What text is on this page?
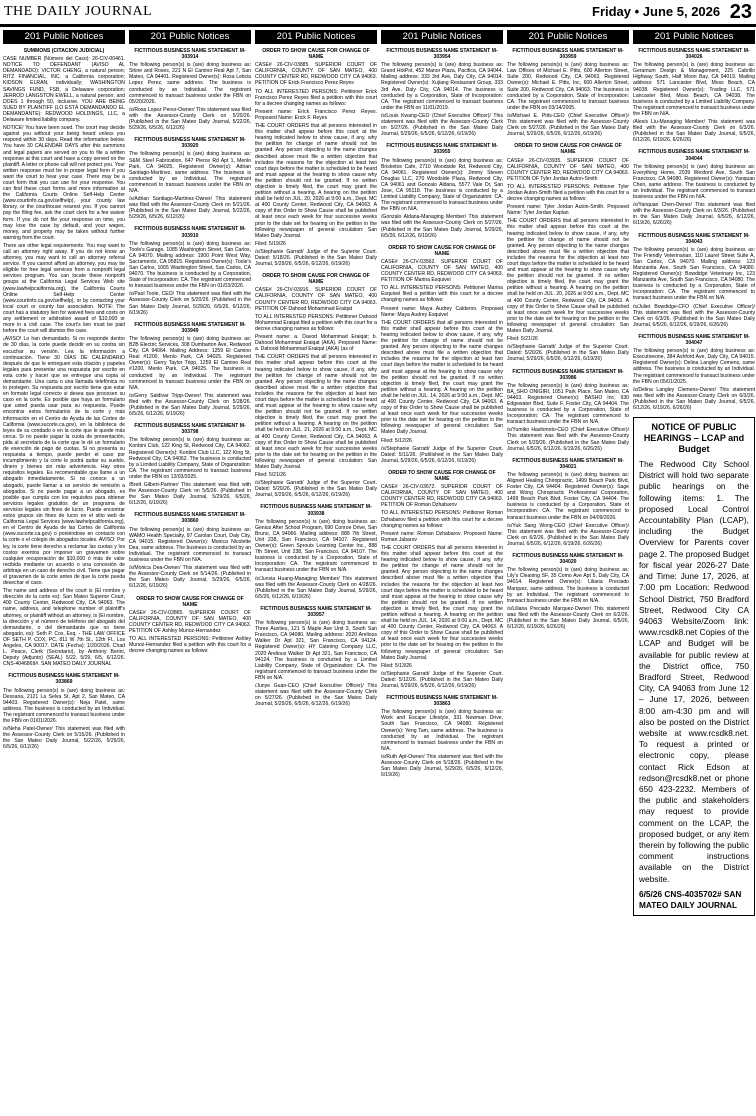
THE DAILY JOURNAL	Friday • June 5, 2026 23
201 Public Notices
SUMMONS (CITACION JUDICIAL)
CASE NUMBER (Número del Caso): 26-CIV-00461. NOTICE TO DEFENDANT (AVISO AL DEMANDADO): VICTOR CHENG, a natural person; RITZ FINANCIAL, INC. a California corporation; KIDSON ELRAN, individually; WASHINGTON SAVINGS FUND, FSB, a Delaware corporation; JERROD LANGSTON EWELL, a natural person; and DOES 1 through 50, inclusive. YOU ARE BEING SUED BY PLAINTIFF (LO ESTÁ DEMANDANDO EL DEMANDANTE): REDWOOD HOLDINGS, LLC, a Delaware limited liability company.
NOTICE! You have been sued. The court may decide against you without your being heard unless you respond within 30 days. Read the information below. You have 30 CALENDAR DAYS after this summons and legal papers are served on you to file a written response at this court and have a copy served on the plaintiff. A letter or phone call will not protect you. Your written response must be in proper legal form if you want the court to hear your case. There may be a court form that you can use for your response. You can find these court forms and more information at the California Courts Online Self-Help Center (www.courtinfo.ca.gov/selfhelp), your county law library, or the courthouse nearest you. If you cannot pay the filing fee, ask the court clerk for a fee waiver form. If you do not file your response on time, you may lose the case by default, and your wages, money, and property may be taken without further warning from the court.
There are other legal requirements. You may want to call an attorney right away. If you do not know an attorney, you may want to call an attorney referral service. If you cannot afford an attorney, you may be eligible for free legal services from a nonprofit legal services program. You can locate these nonprofit groups at the California Legal Services Web site (www.lawhelpcalifornia.org), the California Courts Online Self-Help Center (www.courtinfo.ca.gov/selfhelp), or by contacting your local court or county bar association. NOTE: The court has a statutory lien for waived fees and costs on any settlement or arbitration award of $10,000 or more in a civil case. The court's lien must be paid before the court will dismiss the case.
¡AVISO! Lo han demandado. Si no responde dentro de 30 días, la corte puede decidir en su contra sin escuchar su versión. Lea la información a continuación. Tiene 30 DÍAS DE CALENDARIO después de que le entreguen esta citación y papeles legales para presentar una respuesta por escrito en esta corte y hacer que se entregue una copia al demandante. Una carta o una llamada telefónica no lo protegen. Su respuesta por escrito tiene que estar en formato legal correcto si desea que procesen su caso en la corte. Es posible que haya un formulario que usted pueda usar para su respuesta. Puede encontrar estos formularios de la corte y más información en el Centro de Ayuda de las Cortes de California (www.sucorte.ca.gov), en la biblioteca de leyes de su condado o en la corte que le quede más cerca. Si no puede pagar la cuota de presentación, pida al secretario de la corte que le dé un formulario de exención de pago de cuotas. Si no presenta su respuesta a tiempo, puede perder el caso por incumplimiento y la corte le podrá quitar su sueldo, dinero y bienes sin más advertencia. Hay otros requisitos legales. Es recomendable que llame a un abogado inmediatamente. Si no conoce a un abogado, puede llamar a un servicio de remisión a abogados. Si no puede pagar a un abogado, es posible que cumpla con los requisitos para obtener servicios legales gratuitos de un programa de servicios legales sin fines de lucro. Puede encontrar estos grupos sin fines de lucro en el sitio web de California Legal Services (www.lawhelpcalifornia.org), en el Centro de Ayuda de las Cortes de California (www.sucorte.ca.gov) o poniéndose en contacto con la corte o el colegio de abogados locales. AVISO: Por ley, la corte tiene derecho a reclamar las cuotas y los costos exentos por imponer un gravamen sobre cualquier recuperación de $10,000 ó más de valor recibida mediante un acuerdo o una concesión de arbitraje en un caso de derecho civil. Tiene que pagar el gravamen de la corte antes de que la corte pueda desechar el caso.
The name and address of the court is (El nombre y dirección de la corte es): San Mateo Superior Court, 400 County Center, Redwood City, CA 94063. The name, address, and telephone number of plaintiff's attorney, or plaintiff without an attorney, is (El nombre, la dirección y el número de teléfono del abogado del demandante, o del demandante que no tiene abogado, es): Seth P. Cox, Esq. - THE LAW OFFICE OF SETH P. COX, PC, 811 W 7th St., 12th Fl., Los Angeles, CA 90017. DATE (Fecha): 1/20/2026. Chad L. Peace, Clerk (Secretario), by Anthony Berini, Deputy (Adjunto) (SEAL) 5/22, 5/29, 6/5, 6/12/26. CNS-4046869#. SAN MATEO DAILY JOURNAL
FICTITIOUS BUSINESS NAME STATEMENT M-303869
The following person(s) is (are) doing business as: Dessana, 2121 La Selva St, Apt 2, San Mateo, CA 94403. Registered Owner(s): Neja Patel, same address. The business is conducted by an Individual. The registrant commenced to transact business under the FBN on 01/01/2026.
/s/Neha Patel-Owner/ This statement was filed with the Assessor-County Clerk on 5/15/26. (Published in the San Mateo Daily Journal, 5/22/26, 5/29/26, 6/5/26, 6/12/26)
201 Public Notices
FICTITIOUS BUSINESS NAME STATEMENT M-303914
The following person(s) is (are) doing business as: Shine and Roses, 221 N El Camino Real Apt 7, San Mateo, CA 94401. Registered Owner(s): Rosa Leticia Lopez Perez, same address. The business is conducted by an Individual. The registrant commenced to transact business under the FBN on 05/20/2026.
/s/Rosa Lopez Perez-Owner/ This statement was filed with the Assessor-County Clerk on 5/20/26. (Published in the San Mateo Daily Journal, 5/22/26, 5/29/26, 6/5/26, 6/12/26)
FICTITIOUS BUSINESS NAME STATEMENT M-303920
The following person(s) is (are) doing business as: S&M Steel Fabrication, 647 Pierce Rd Apt 1, Menlo Park, CA 94025. Registered Owner(s): Adrian Santiago-Martinez, same address. The business is conducted by an Individual. The registrant commenced to transact business under the FBN on N/A.
/s/Adrian Santiago-Martinez-Owner/ This statement was filed with the Assessor-County Clerk on 5/21/26. (Published in the San Mateo Daily Journal, 5/22/26, 5/29/26, 6/5/26, 6/12/26)
FICTITIOUS BUSINESS NAME STATEMENT M-303910
The following person(s) is (are) doing business as: Toole's Garage, 1085 Washington Street, San Carlos, CA 94070. Mailing address: 1900 Point West Way, Sacramento, CA 95815. Registered Owner(s): Toole's San Carlos, 1065 Washington Street, San Carlos, CA 94070. The business is conducted by a Corporation, State of Incorporation: CA. The registrant commenced to transact business under the FBN on 01/03/2026.
/s/Paul Toole, CEO/ This statement was filed with the Assessor-County Clerk on 5/20/26. (Published in the San Mateo Daily Journal, 5/29/26, 6/5/26, 6/12/26, 6/19/26)
FICTITIOUS BUSINESS NAME STATEMENT M-303949
The following person(s) is (are) doing business as: B2B Electric Services, 308 Dumbarton Ave, Redwood City, CA 94064. Mailing Address: 1259 El Camino Real #1200, Menlo Park, CA 94025. Registered Owner(s): Gerry Taylor Tripp, 1259 El Camino Real #1200, Menlo Park, CA 94025. The business is conducted by an Individual. The registrant commenced to transact business under the FBN on N/A.
/s/Gerry Saldivar Tripp-Owner/ This statement was filed with the Assessor-County Clerk on 5/28/26. (Published in the San Mateo Daily Journal, 5/29/26, 6/5/26, 6/12/26, 6/19/26)
FICTITIOUS BUSINESS NAME STATEMENT M-303798
The following person(s) is (are) doing business as: Konbini Club, 122 King St, Redwood City, CA 94062. Registered Owner(s): Konbini Club LLC, 122 King St, Redwood City, CA 94062. The business is conducted by a Limited Liability Company, State of Organization: CA. The registrant commenced to transact business under the FBN on 12/03/2025.
/Brett Gilbert-Partner/ This statement was filed with the Assessor-County Clerk on 5/5/26. (Published in the San Mateo Daily Journal, 5/29/26, 6/5/26, 6/12/26, 6/19/26)
FICTITIOUS BUSINESS NAME STATEMENT M-303860
The following person(s) is (are) doing business as: WAMO Health Specialty, 97 Carolan Court, Daly City, CA 94015. Registered Owner(s): Monica Nicolette Dea, same address. The business is conducted by an Individual. The registrant commenced to transact business under the FBN on N/A.
/s/Monica Dea-Owner/ This statement was filed with the Assessor-County Clerk on 5/14/26. (Published in the San Mateo Daily Journal, 5/29/26, 6/5/26, 6/12/26, 6/19/26)
ORDER TO SHOW CAUSE FOR CHANGE OF NAME
CASE# 26-CIV-03865. SUPERIOR COURT OF CALIFORNIA, COUNTY OF SAN MATEO, 400 COUNTY CENTER RD, REDWOOD CITY CA 94063. PETITION OF Ashley Munoz-Hernandez
TO ALL INTERESTED PERSONS: Petitioner Ashley Munoz-Hernandez filed a petition with this court for a decree changing names as follows:
201 Public Notices
ORDER TO SHOW CAUSE FOR CHANGE OF NAME
CASE# 26-CIV-03885. SUPERIOR COURT OF CALIFORNIA, COUNTY OF SAN MATEO, 400 COUNTY CENTER RD, REDWOOD CITY CA 94063. PETITION OF Erick Francisco Perez Reyes
TO ALL INTERESTED PERSONS: Petitioner Erick Francisco Perez Reyes filed a petition with this court for a decree changing names as follows:
Present name: Erick Francisco Perez Reyes. Proposed Name: Erick F. Reyes
THE COURT ORDERS that all persons interested in this matter shall appear before this court at the hearing indicated below to show cause, if any, why the petition for change of name should not be granted. Any person objecting to the name changes described above must file a written objection that includes the reasons for the objection at least two court days before the matter is scheduled to be heard and must appear at the hearing to show cause why the petition should not be granted. If no written objection is timely filed, the court may grant the petition without a hearing. A hearing on the petition shall be held on JUL. 20, 2026 at 9:00 a.m., Dept. MC at 400 County Center, Redwood City, CA 94063. A copy of this Order to Show Cause shall be published at least once each week for four successive weeks prior to the date set for hearing on the petition in the following newspaper of general circulation: San Mateo Daily Journal.
Filed: 5/19/26
/s/Stephanie Garratt/ Judge of the Superior Court. Dated: 5/18/26. (Published in the San Mateo Daily Journal, 5/29/26, 6/5/26, 6/12/26, 6/19/26)
ORDER TO SHOW CAUSE FOR CHANGE OF NAME
CASE# 26-CIV-03916. SUPERIOR COURT OF CALIFORNIA, COUNTY OF SAN MATEO, 400 COUNTY CENTER RD, REDWOOD CITY CA 94063. PETITION OF Dahood Mohammad Eraiqat
TO ALL INTERESTED PERSONS: Petitioner Dahood Mohammad Eraiqat filed a petition with this court for a decree changing names as follows:
Present name: a. Davod Mohammad Eraiqat; b. Dahood Mohammad Eraiqat (AKA). Proposed Name: a. Dahood Mohammad Eraiqat (AKA) (as of
THE COURT ORDERS that all persons interested in this matter shall appear before this court at the hearing indicated below to show cause, if any, why the petition for change of name should not be granted. Any person objecting to the name changes described above must file a written objection that includes the reasons for the objection at least two court days before the matter is scheduled to be heard and must appear at the hearing to show cause why the petition should not be granted. If no written objection is timely filed, the court may grant the petition without a hearing. A hearing on the petition shall be held on JUL. 21, 2026 at 9:00 a.m., Dept. MC at 400 County Center, Redwood City, CA 94063. A copy of this Order to Show Cause shall be published at least once each week for four successive weeks prior to the date set for hearing on the petition in the following newspaper of general circulation: San Mateo Daily Journal.
Filed: 5/21/26
/s/Stephanie Garratt/ Judge of the Superior Court. Dated: 5/20/26. (Published in the San Mateo Daily Journal, 5/29/26, 6/5/26, 6/12/26, 6/19/26)
FICTITIOUS BUSINESS NAME STATEMENT M-303938
The following person(s) is (are) doing business as: Genius After School Program, 690 Conroe Drive, San Bruno, CA 94066. Mailing address: 888 7th Street, Unit 238, San Francisco, CA 94107. Registered Owner(s): Green Sprouts Learning Center Inc., 888 7th Street, Unit 238, San Francisco, CA 94107. The business is conducted by a Corporation, State of Incorporation: CA. The registrant commenced to transact business under the FBN on N/A.
/s/Junxia Huang-Managing Member/ This statement was filed with the Assessor-County Clerk on 4/28/26. (Published in the San Mateo Daily Journal, 5/29/26, 6/5/26, 6/12/26, 6/19/26)
FICTITIOUS BUSINESS NAME STATEMENT M-303957
The following person(s) is (are) doing business as: Three Aunties, 121 S Maple Ave Unit 3, South San Francisco, CA 94080. Mailing address: 2020 Arelious Walker Dr Apt 321, San Francisco, CA 94124. Registered Owner(s): HY Catering Company LLC, 2020 Arelious Walker Dr Apt 321, San Francisco, CA 94124. The business is conducted by a Limited Liability Company, State of Organization: CA. The registrant commenced to transact business under the FBN on N/A.
/Junye Guan-CEO (Chief Executive Officer)/ This statement was filed with the Assessor-County Clerk on 5/27/26. (Published in the San Mateo Daily Journal, 5/29/26, 6/5/26, 6/12/26, 6/19/26)
201 Public Notices
FICTITIOUS BUSINESS NAME STATEMENT M-303954
The following person(s) is (are) doing business as: Grand HotPot, 452 Manor Plaza, Pacifica, CA 94044. Mailing address: 333 3rd Ave, Daly City, CA 94014. Registered Owner(s): Xujiang Restaurant Group, 333 3rd Ave, Daly City, CA 94014. The business is conducted by a Corporation, State of Incorporation: CA. The registrant commenced to transact business under the FBN on 11/01/2019.
/s/Louis Kwang-CEO (Chief Executive Officer)/ This statement was filed with the Assessor-County Clerk on 5/27/26. (Published in the San Mateo Daily Journal, 5/29/26, 6/5/26, 6/12/26, 6/19/26)
FICTITIOUS BUSINESS NAME STATEMENT M-303955
The following person(s) is (are) doing business as: Brisketos Cafe, 2710 Woodside Rd, Redwood City, CA 94061. Registered Owner(s): Jimmy Steven Douglas LLC, 270 Woodside Plaza, Redwood City, CA 94061 and Gonzalo Aldana, 5577 Vale Dr, San Jose, CA 95118. The business is conducted by a Limited Liability Company, State of Organization: CA. The registrant commenced to transact business under the FBN on N/A.
/Gonzalo Aldana-Managing Member/ This statement was filed with the Assessor-County Clerk on 5/27/26. (Published in the San Mateo Daily Journal, 5/29/26, 6/5/26, 6/12/26, 6/19/26)
ORDER TO SHOW CAUSE FOR CHANGE OF NAME
CASE# 26-CIV-03562. SUPERIOR COURT OF CALIFORNIA, COUNTY OF SAN MATEO, 400 COUNTY CENTER RD, REDWOOD CITY CA 94063. PETITION OF Marina Esquivel
TO ALL INTERESTED PERSONS: Petitioner Marina Esquivel filed a petition with this court for a decree changing names as follows:
Present name: Maya Audrey Calderon. Proposed Name: Maya Audrey Esquivel
THE COURT ORDERS that all persons interested in this matter shall appear before this court at the hearing indicated below to show cause, if any, why the petition for change of name should not be granted. Any person objecting to the name changes described above must file a written objection that includes the reasons for the objection at least two court days before the matter is scheduled to be heard and must appear at the hearing to show cause why the petition should not be granted. If no written objection is timely filed, the court may grant the petition without a hearing. A hearing on the petition shall be held on JUL. 14, 2026 at 9:00 a.m., Dept. MC at 400 County Center, Redwood City, CA 94063. A copy of this Order to Show Cause shall be published at least once each week for four successive weeks prior to the date set for hearing on the petition in the following newspaper of general circulation: San Mateo Daily Journal.
Filed: 5/12/26
/s/Stephanie Garratt/ Judge of the Superior Court. Dated: 5/11/26. (Published in the San Mateo Daily Journal, 5/29/26, 6/5/26, 6/12/26, 6/19/26)
ORDER TO SHOW CAUSE FOR CHANGE OF NAME
CASE# 26-CIV-03672. SUPERIOR COURT OF CALIFORNIA, COUNTY OF SAN MATEO, 400 COUNTY CENTER RD, REDWOOD CITY CA 94063. PETITION OF Roman Dzhabarov
TO ALL INTERESTED PERSONS: Petitioner Roman Dzhabarov filed a petition with this court for a decree changing names as follows:
Present name: Roman Dzhabarov. Proposed Name: Roman Jabarov
THE COURT ORDERS that all persons interested in this matter shall appear before this court at the hearing indicated below to show cause, if any, why the petition for change of name should not be granted. Any person objecting to the name changes described above must file a written objection that includes the reasons for the objection at least two court days before the matter is scheduled to be heard and must appear at the hearing to show cause why the petition should not be granted. If no written objection is timely filed, the court may grant the petition without a hearing. A hearing on the petition shall be held on JUL. 14, 2026 at 9:00 a.m., Dept. MC at 400 County Center, Redwood City, CA 94063. A copy of this Order to Show Cause shall be published at least once each week for four successive weeks prior to the date set for hearing on the petition in the following newspaper of general circulation: San Mateo Daily Journal.
Filed: 5/13/26
/s/Stephanie Garratt/ Judge of the Superior Court. Dated: 5/12/26. (Published in the San Mateo Daily Journal, 5/29/26, 6/5/26, 6/12/26, 6/19/26)
FICTITIOUS BUSINESS NAME STATEMENT M-303863
The following person(s) is (are) doing business as: Work and Escape Lifestyle, 331 Newman Drive, South San Francisco, CA 94080. Registered Owner(s): Yeng Tam, same address. The business is conducted by an Individual. The registrant commenced to transact business under the FBN on N/A.
/s/Ruth Apt-Owner/ This statement was filed with the Assessor-County Clerk on 5/18/26. (Published in the San Mateo Daily Journal, 5/29/26, 6/5/26, 6/12/26, 6/19/26)
201 Public Notices
FICTITIOUS BUSINESS NAME STATEMENT M-303959
The following person(s) is (are) doing business as: Law Offices of Michael E. Pitts, 600 Allerton Street, Suite 200, Redwood City, CA 94063. Registered Owner(s): Michael E. Pitts, Inc, 600 Allerton Street, Suite 200, Redwood City, CA 94063. The business is conducted by a Corporation, State of Incorporation: CA. The registrant commenced to transact business under the FBN on 03/14/2005.
/s/Michael E. Pitts-CEO (Chief Executive Officer)/ This statement was filed with the Assessor-County Clerk on 5/27/26. (Published in the San Mateo Daily Journal, 5/29/26, 6/5/26, 6/12/26, 6/19/26)
ORDER TO SHOW CAUSE FOR CHANGE OF NAME
CASE# 26-CIV-03935. SUPERIOR COURT OF CALIFORNIA, COUNTY OF SAN MATEO, 400 COUNTY CENTER RD, REDWOOD CITY CA 94063. PETITION OF Tyler Jordan Auton-Smith
TO ALL INTERESTED PERSONS: Petitioner Tyler Jordan Auton-Smith filed a petition with this court for a decree changing names as follows:
Present name: Tyler Jordan Auton-Smith. Proposed Name: Tyler Jordan Kaplan
THE COURT ORDERS that all persons interested in this matter shall appear before this court at the hearing indicated below to show cause, if any, why the petition for change of name should not be granted. Any person objecting to the name changes described above must file a written objection that includes the reasons for the objection at least two court days before the matter is scheduled to be heard and must appear at the hearing to show cause why the petition should not be granted. If no written objection is timely filed, the court may grant the petition without a hearing. A hearing on the petition shall be held on JUL. 20, 2026 at 9:00 a.m., Dept. MC at 400 County Center, Redwood City, CA 94063. A copy of this Order to Show Cause shall be published at least once each week for four successive weeks prior to the date set for hearing on the petition in the following newspaper of general circulation: San Mateo Daily Journal.
Filed: 5/21/26
/s/Stephanie Garratt/ Judge of the Superior Court. Dated: 5/20/26. (Published in the San Mateo Daily Journal, 5/29/26, 6/5/26, 6/12/26, 6/19/26)
FICTITIOUS BUSINESS NAME STATEMENT M-303986
The following person(s) is (are) doing business as: BA_SHO ONIGIRI, 1051 Park Place, San Mateo, CA 94403. Registered Owner(s): BASHO Inc, 930 Edgewater Blvd, Suite F, Foster City, CA 94404. The business is conducted by a Corporation, State of Incorporation: CA. The registrant commenced to transact business under the FBN on N/A.
/s/Yumiko Hashimoto-CEO (Chief Executive Officer)/ This statement was filed with the Assessor-County Clerk on 5/29/26. (Published in the San Mateo Daily Journal, 6/5/26, 6/12/26, 6/19/26, 6/26/26)
FICTITIOUS BUSINESS NAME STATEMENT M-304021
The following person(s) is (are) doing business as: Aligned Healing Chiropractic, 1499 Beach Park Blvd, Foster City, CA 94404. Registered Owner(s): Sage and Wong Chiropractic Professional Corporation, 1499 Beach Park Blvd, Foster City, CA 94404. The business is conducted by a Corporation, State of Incorporation: CA. The registrant commenced to transact business under the FBN on 04/09/2026.
/s/Yuk Sang Wong-CEO (Chief Executive Officer)/ This statement was filed with the Assessor-County Clerk on 6/2/26. (Published in the San Mateo Daily Journal, 6/5/26, 6/12/26, 6/19/26, 6/26/26)
FICTITIOUS BUSINESS NAME STATEMENT M-304020
The following person(s) is (are) doing business as: Lily's Cleaning SF, 35 Como Ave Apt 5, Daly City, CA 94014. Registered Owner(s): Liliana Preciado Marquez, same address. The business is conducted by an Individual. The registrant commenced to transact business under the FBN on N/A.
/s/Liliana Preciado Marquez-Owner/ This statement was filed with the Assessor-County Clerk on 6/2/26. (Published in the San Mateo Daily Journal, 6/5/26, 6/12/26, 6/19/26, 6/26/26)
201 Public Notices
FICTITIOUS BUSINESS NAME STATEMENT M-304026
The following person(s) is (are) doing business as: Geramum Design & Management, 225 Cabrillo Highway South, Half Moon Bay, CA 94019. Mailing address: 571 Lancaster Blvd, Moss Beach, CA 94038. Registered Owner(s): Trading LLC, 571 Lancaster Blvd, Moss Beach, CA 94038. The business is conducted by a Limited Liability Company. The registrant commenced to transact business under the FBN on N/A.
/Alexis Liu-Managing Member/ This statement was filed with the Assessor-County Clerk on 6/3/26. (Published in the San Mateo Daily Journal, 6/5/26, 6/12/26, 6/19/26, 6/26/26)
FICTITIOUS BUSINESS NAME STATEMENT M-304044
The following person(s) is (are) doing business as: Everything Home, 2039 Wexford Ave, South San Francisco, CA 94080. Registered Owner(s): Yanquan Chen, same address. The business is conducted by an Individual. The registrant commenced to transact business under the FBN on N/A.
/s/Yanquan Chen-Owner/ This statement was filed with the Assessor-County Clerk on 6/3/26. (Published in the San Mateo Daily Journal, 6/5/26, 6/12/26, 6/19/26, 6/26/26)
FICTITIOUS BUSINESS NAME STATEMENT M-304043
The following person(s) is (are) doing business as: The Friendly Veterinarian, 110 Laurel Street Suite A, San Carlos, CA 94070. Mailing address: 123 Manzanita Ave, South San Francisco, CA 94080. Registered Owner(s): Bowdidge Veterinary Inc, 123 Manzanita Ave, South San Francisco, CA 94080. The business is conducted by a Corporation, State of Incorporation: CA. The registrant commenced to transact business under the FBN on N/A.
/s/Juliet Bowdidge-CFO (Chief Executive Officer)/ This statement was filed with the Assessor-County Clerk on 6/3/26. (Published in the San Mateo Daily Journal, 6/5/26, 6/12/26, 6/19/26, 6/26/26)
FICTITIOUS BUSINESS NAME STATEMENT M-304047
The following person(s) is (are) doing business as: Executiveone, 384 Ashford Ave, Daly City, CA 94015. Registered Owner(s): Delina Langley Cemens, same address. The business is conducted by an Individual. The registrant commenced to transact business under the FBN on 05/01/2025.
/s/Delina Langley Clemens-Owner/ This statement was filed with the Assessor-County Clerk on 6/3/26. (Published in the San Mateo Daily Journal, 6/5/26, 6/12/26, 6/19/26, 6/26/26)
NOTICE OF PUBLIC HEARINGS – LCAP and Budget
The Redwood City School District will hold two separate public hearings on the following items: 1. The proposed Local Control Accountability Plan (LCAP), including the Budget Overview for Parents cover page 2. The proposed Budget for fiscal year 2026-27 Date and Time: June 17, 2026, at 7:00 pm Location: Redwood School District, 750 Bradford Street, Redwood City CA 94063 Website/Zoom link: www.rcsdk8.net Copies of the LCAP and Budget will be available for public review at the District office, 750 Bradford Street, Redwood City, CA 94063 from June 12 – June 17, 2026, between 8:00 am-4:30 pm and will also be posted on the District website at www.rcsdk8.net. To request a printed or electronic copy, please contact Rick Edson at redson@rcsdk8.net or phone 650 423-2232. Members of the public and stakeholders may request to provide comment on the LCAP, the proposed budget, or any item therein by following the public comment instructions available on the District website.
6/5/26 CNS-4035702# SAN MATEO DAILY JOURNAL
